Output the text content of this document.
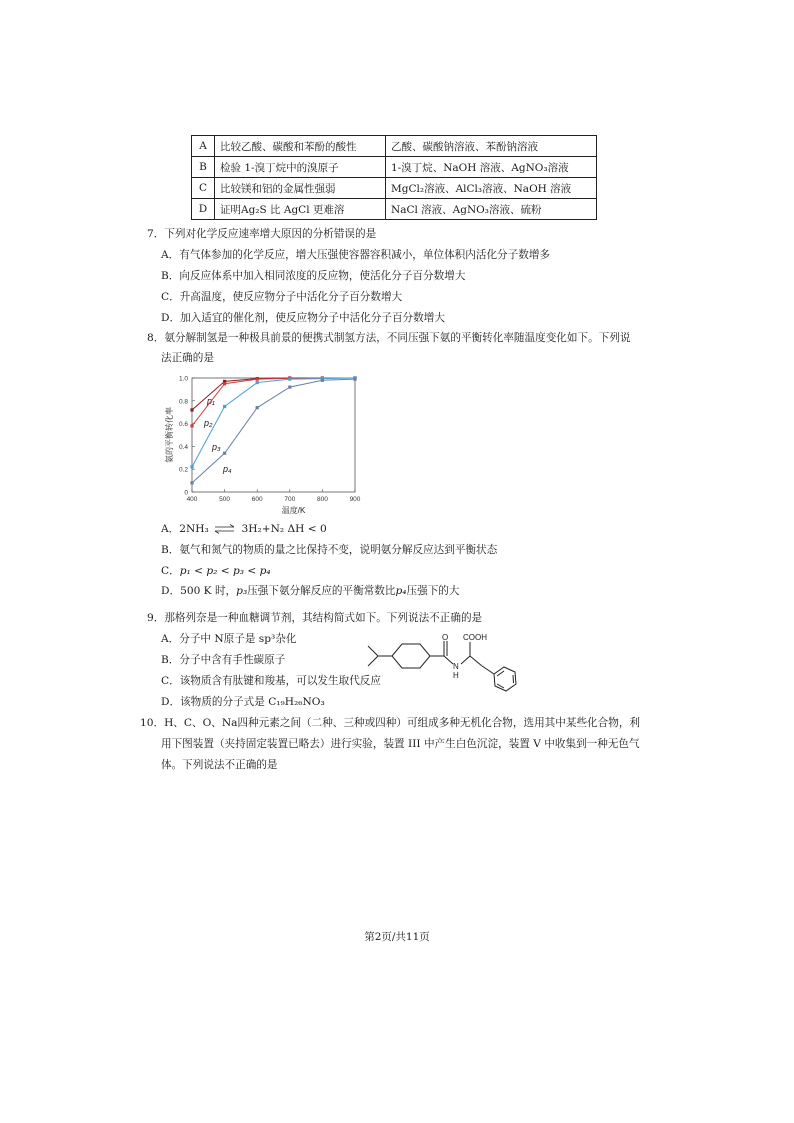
A	比较乙酸、碳酸和苯酚的酸性	乙酸、碳酸钠溶液、苯酚钠溶液
B	检验 1-溴丁烷中的溴原子	1-溴丁烷、NaOH 溶液、AgNO₃溶液
C	比较镁和铝的金属性强弱	MgCl₂溶液、AlCl₃溶液、NaOH 溶液
D	证明Ag₂S 比 AgCl 更难溶	NaCl 溶液、AgNO₃溶液、硫粉
7．下列对化学反应速率增大原因的分析错误的是
A．有气体参加的化学反应，增大压强使容器容积减小，单位体积内活化分子数增多
B．向反应体系中加入相同浓度的反应物，使活化分子百分数增大
C．升高温度，使反应物分子中活化分子百分数增大
D．加入适宜的催化剂，使反应物分子中活化分子百分数增大
8．氨分解制氢是一种极具前景的便携式制氢方法，不同压强下氨的平衡转化率随温度变化如下。下列说
法正确的是
0
0.2
0.4
0.6
0.8
1.0
400	500	600	700	800	900
温度/K
氨的平衡转化率
p₁
p₂
p₃
p₄
A．2NH₃ ⇌ 3H₂+N₂ ΔH < 0
B．氨气和氮气的物质的量之比保持不变，说明氨分解反应达到平衡状态
C．p₁ < p₂ < p₃ < p₄
D．500 K 时，p₃压强下氨分解反应的平衡常数比p₄压强下的大
9．那格列奈是一种血糖调节剂，其结构简式如下。下列说法不正确的是
A．分子中 N原子是 sp³杂化
B．分子中含有手性碳原子
C．该物质含有肽键和羧基，可以发生取代反应
D．该物质的分子式是 C₁₉H₂₆NO₃
O
N
H
COOH
10．H、C、O、Na四种元素之间（二种、三种或四种）可组成多种无机化合物，选用其中某些化合物，利
用下图装置（夹持固定装置已略去）进行实验，装置 III 中产生白色沉淀，装置 V 中收集到一种无色气
体。下列说法不正确的是
第2页/共11页
